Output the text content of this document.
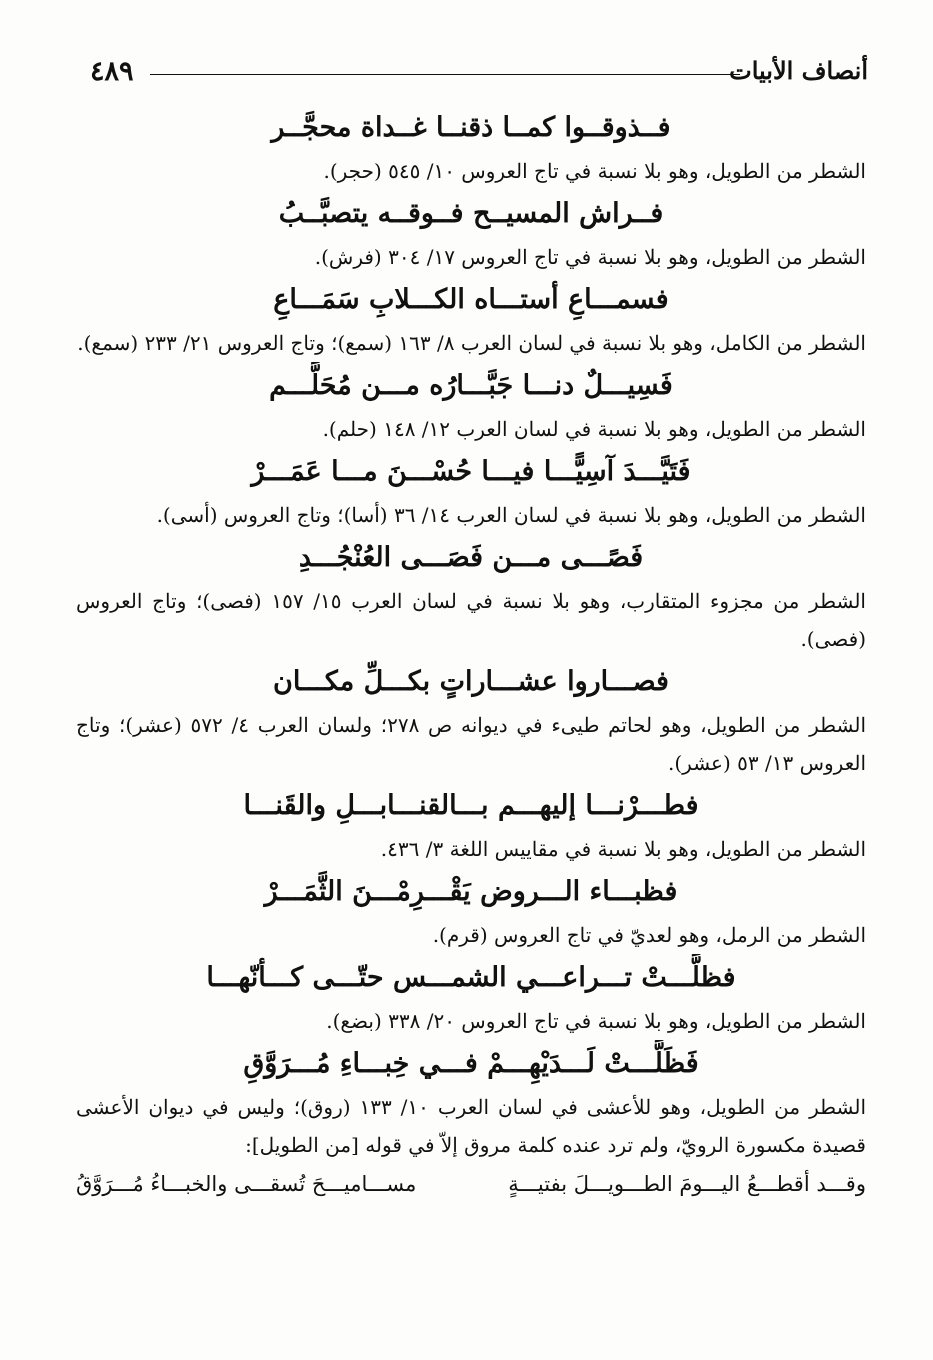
٤٨٩	أنصاف الأبيات
فــذوقــوا كمــا ذقنــا غــداة محجَّــر
الشطر من الطويل، وهو بلا نسبة في تاج العروس ١٠/ ٥٤٥ (حجر).
فــراش المسيــح فــوقــه يتصبَّــبُ
الشطر من الطويل، وهو بلا نسبة في تاج العروس ١٧/ ٣٠٤ (فرش).
فسمـــاعِ أستـــاه الكـــلابِ سَمَـــاعِ
الشطر من الكامل، وهو بلا نسبة في لسان العرب ٨/ ١٦٣ (سمع)؛ وتاج العروس ٢١/ ٢٣٣ (سمع).
فَسِيـــلٌ دنـــا جَبَّـــارُه مـــن مُحَلَّـــم
الشطر من الطويل، وهو بلا نسبة في لسان العرب ١٢/ ١٤٨ (حلم).
فَتَيَّـــدَ آسِيًّـــا فيـــا حُسْـــنَ مـــا عَمَـــرْ
الشطر من الطويل، وهو بلا نسبة في لسان العرب ١٤/ ٣٦ (أسا)؛ وتاج العروس (أسى).
فَصًـــى مـــن فَصَـــى العُنْجُـــدِ
الشطر من مجزوء المتقارب، وهو بلا نسبة في لسان العرب ١٥/ ١٥٧ (فصى)؛ وتاج العروس (فصى).
فصـــاروا عشـــاراتٍ بكـــلِّ مكـــان
الشطر من الطويل، وهو لحاتم طيىء في ديوانه ص ٢٧٨؛ ولسان العرب ٤/ ٥٧٢ (عشر)؛ وتاج العروس ١٣/ ٥٣ (عشر).
فطـــرْنـــا إليهـــم بـــالقنـــابـــلِ والقَنـــا
الشطر من الطويل، وهو بلا نسبة في مقاييس اللغة ٣/ ٤٣٦.
فظبـــاء الـــروض يَقْـــرِمْـــنَ الثَّمَـــرْ
الشطر من الرمل، وهو لعديّ في تاج العروس (قرم).
فظلَّـــتْ تـــراعـــي الشمـــس حتّـــى كـــأنّهـــا
الشطر من الطويل، وهو بلا نسبة في تاج العروس ٢٠/ ٣٣٨ (بضع).
فَظَلَّـــتْ لَـــدَيْهِـــمْ فـــي خِبـــاءِ مُـــرَوَّقِ
الشطر من الطويل، وهو للأعشى في لسان العرب ١٠/ ١٣٣ (روق)؛ وليس في ديوان الأعشى قصيدة مكسورة الرويّ، ولم ترد عنده كلمة مروق إلاّ في قوله [من الطويل]:
وقـــد أقطـــعُ اليـــومَ الطـــويـــلَ بفتيـــةٍ
مســـاميـــحَ تُسقـــى والخبـــاءُ مُـــرَوَّقُ
